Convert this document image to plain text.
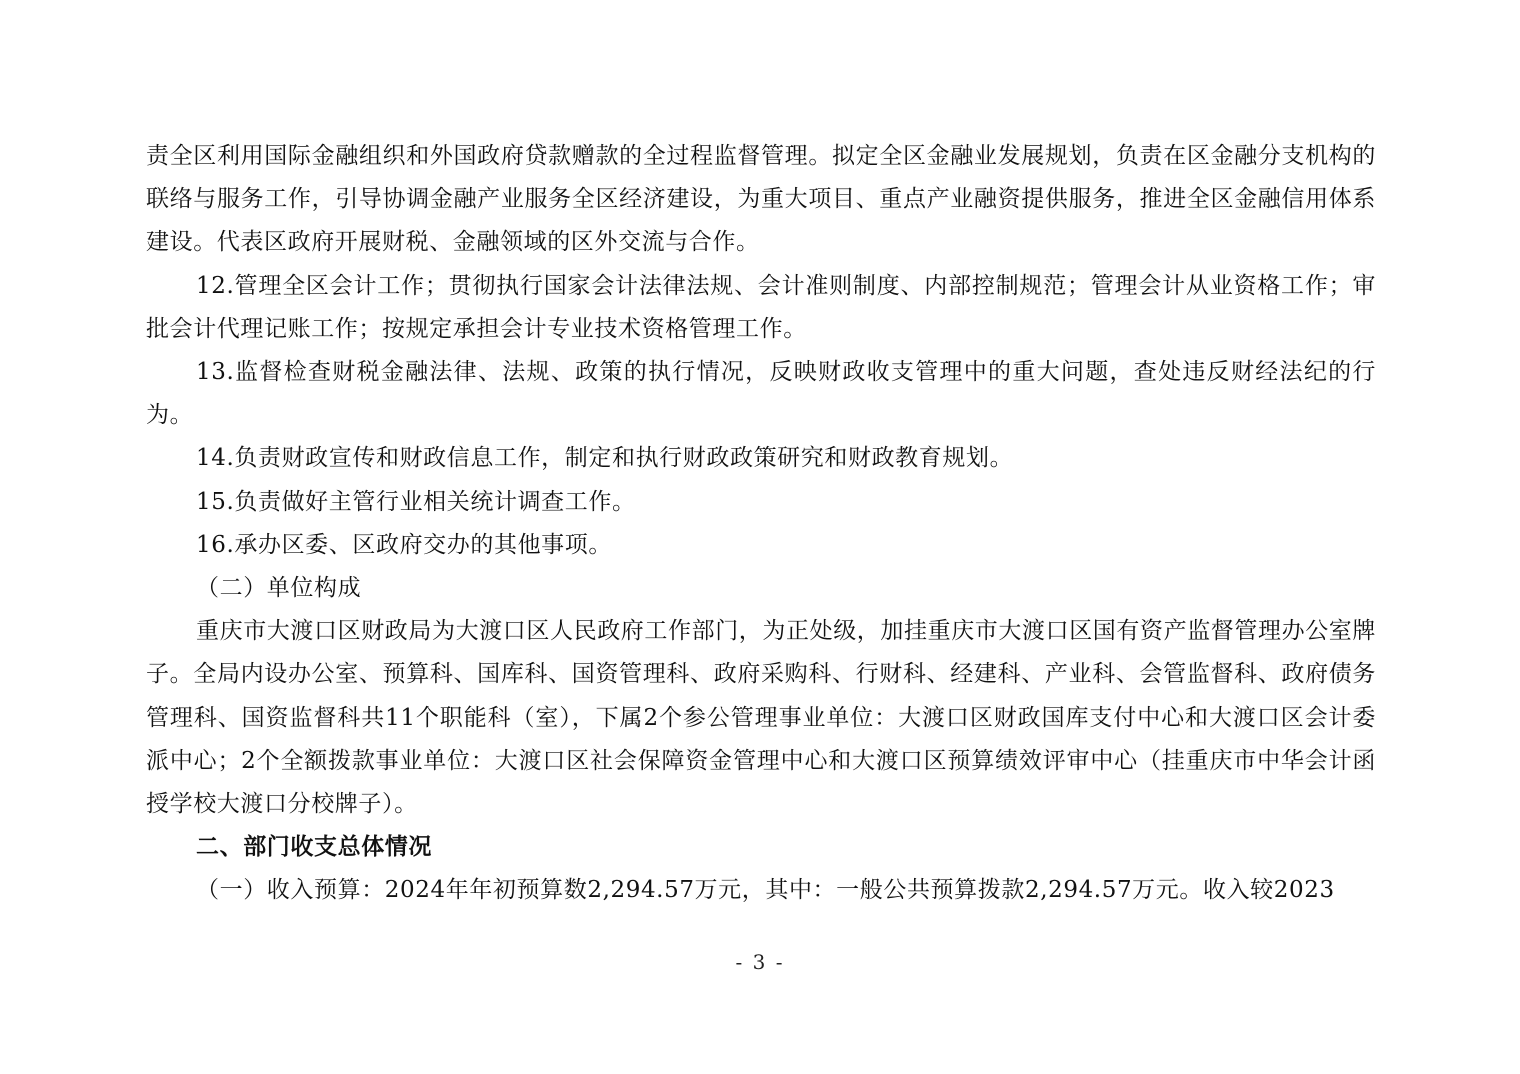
责全区利用国际金融组织和外国政府贷款赠款的全过程监督管理。拟定全区金融业发展规划，负责在区金融分支机构的联络与服务工作，引导协调金融产业服务全区经济建设，为重大项目、重点产业融资提供服务，推进全区金融信用体系建设。代表区政府开展财税、金融领域的区外交流与合作。

12.管理全区会计工作；贯彻执行国家会计法律法规、会计准则制度、内部控制规范；管理会计从业资格工作；审批会计代理记账工作；按规定承担会计专业技术资格管理工作。

13.监督检查财税金融法律、法规、政策的执行情况，反映财政收支管理中的重大问题，查处违反财经法纪的行为。

14.负责财政宣传和财政信息工作，制定和执行财政政策研究和财政教育规划。

15.负责做好主管行业相关统计调查工作。

16.承办区委、区政府交办的其他事项。

（二）单位构成

重庆市大渡口区财政局为大渡口区人民政府工作部门，为正处级，加挂重庆市大渡口区国有资产监督管理办公室牌子。全局内设办公室、预算科、国库科、国资管理科、政府采购科、行财科、经建科、产业科、会管监督科、政府债务管理科、国资监督科共11个职能科（室），下属2个参公管理事业单位：大渡口区财政国库支付中心和大渡口区会计委派中心；2个全额拨款事业单位：大渡口区社会保障资金管理中心和大渡口区预算绩效评审中心（挂重庆市中华会计函授学校大渡口分校牌子）。

二、部门收支总体情况

（一）收入预算：2024年年初预算数2,294.57万元，其中：一般公共预算拨款2,294.57万元。收入较2023

- 3 -
